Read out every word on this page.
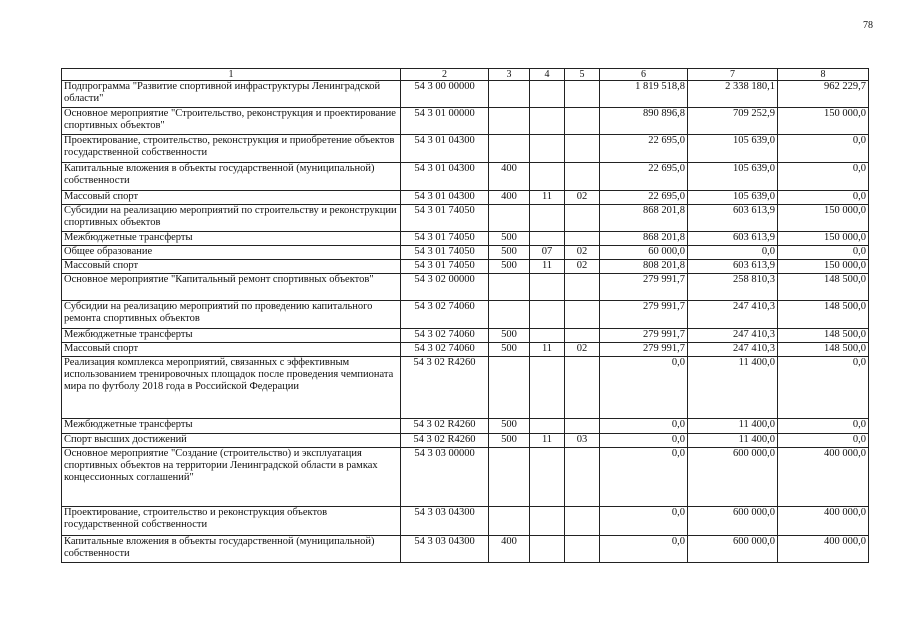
78
1	2	3	4	5	6	7	8
Подпрограмма "Развитие спортивной инфраструктуры Ленинградской области"	54 3 00 00000				1 819 518,8	2 338 180,1	962 229,7
Основное мероприятие "Строительство, реконструкция и проектирование спортивных объектов"	54 3 01 00000				890 896,8	709 252,9	150 000,0
Проектирование, строительство, реконструкция и приобретение объектов государственной собственности	54 3 01 04300				22 695,0	105 639,0	0,0
Капитальные вложения в объекты государственной (муниципальной) собственности	54 3 01 04300	400			22 695,0	105 639,0	0,0
Массовый спорт	54 3 01 04300	400	11	02	22 695,0	105 639,0	0,0
Субсидии на реализацию мероприятий по строительству и реконструкции спортивных объектов	54 3 01 74050				868 201,8	603 613,9	150 000,0
Межбюджетные трансферты	54 3 01 74050	500			868 201,8	603 613,9	150 000,0
Общее образование	54 3 01 74050	500	07	02	60 000,0	0,0	0,0
Массовый спорт	54 3 01 74050	500	11	02	808 201,8	603 613,9	150 000,0
Основное мероприятие "Капитальный ремонт спортивных объектов"	54 3 02 00000				279 991,7	258 810,3	148 500,0
Субсидии на реализацию мероприятий по проведению капитального ремонта спортивных объектов	54 3 02 74060				279 991,7	247 410,3	148 500,0
Межбюджетные трансферты	54 3 02 74060	500			279 991,7	247 410,3	148 500,0
Массовый спорт	54 3 02 74060	500	11	02	279 991,7	247 410,3	148 500,0
Реализация комплекса мероприятий, связанных с эффективным использованием тренировочных площадок после проведения чемпионата мира по футболу 2018 года в Российской Федерации	54 3 02 R4260				0,0	11 400,0	0,0
Межбюджетные трансферты	54 3 02 R4260	500			0,0	11 400,0	0,0
Спорт высших достижений	54 3 02 R4260	500	11	03	0,0	11 400,0	0,0
Основное мероприятие "Создание (строительство) и эксплуатация спортивных объектов на территории Ленинградской области в рамках концессионных соглашений"	54 3 03 00000				0,0	600 000,0	400 000,0
Проектирование, строительство и реконструкция объектов государственной собственности	54 3 03 04300				0,0	600 000,0	400 000,0
Капитальные вложения в объекты государственной (муниципальной) собственности	54 3 03 04300	400			0,0	600 000,0	400 000,0
